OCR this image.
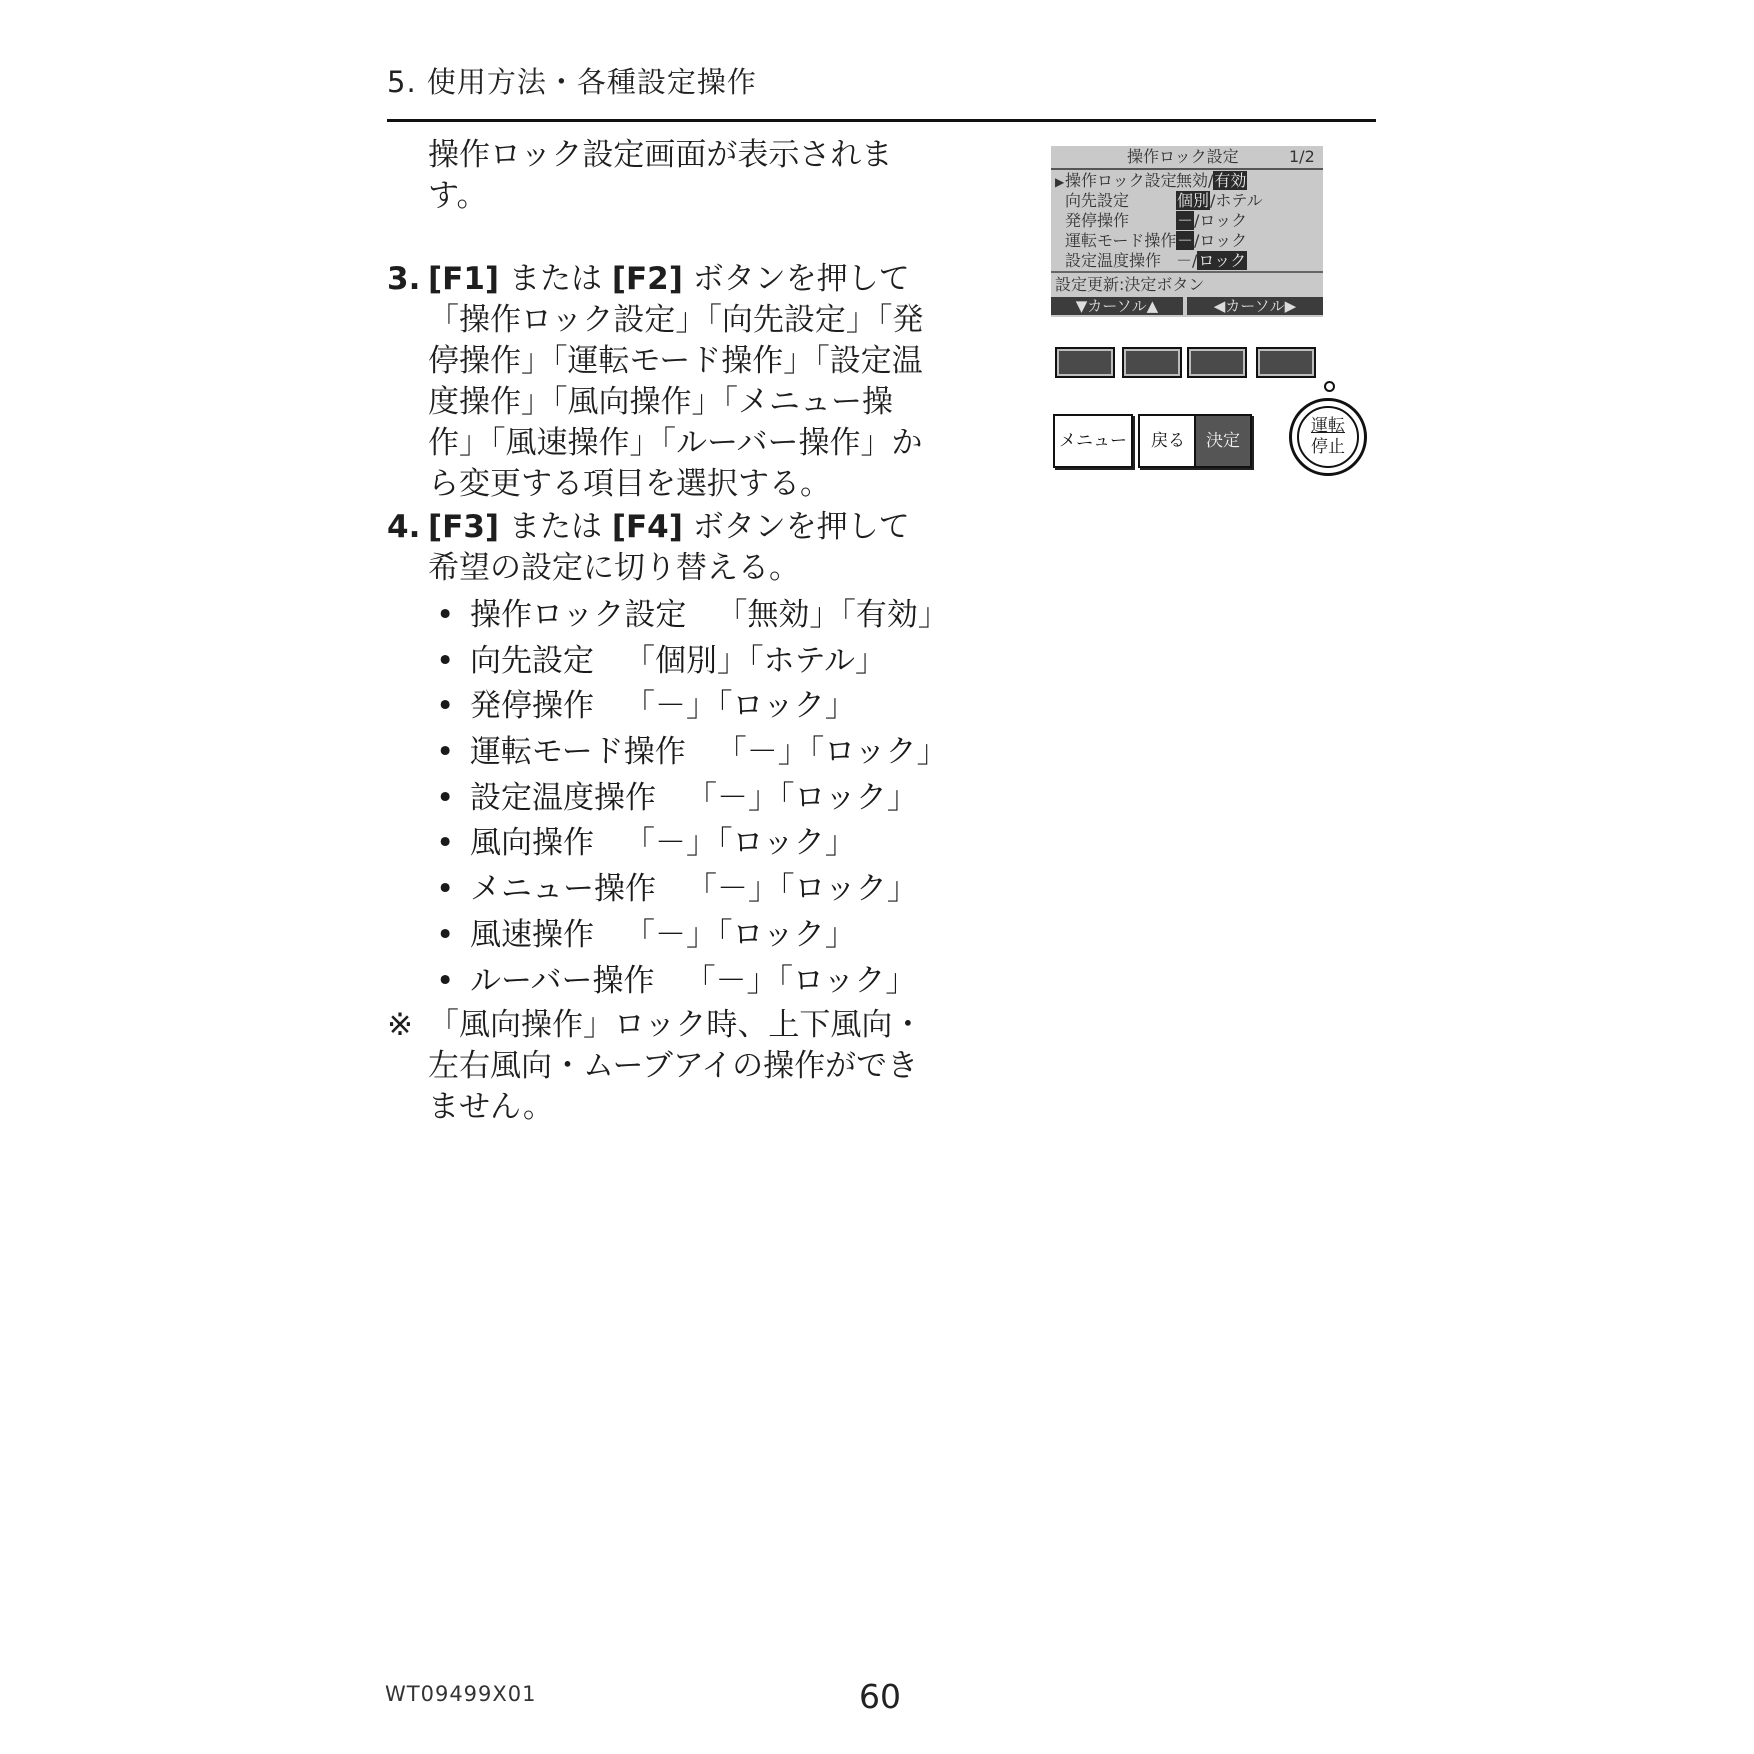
5. 使用方法・各種設定操作
操作ロック設定画面が表示されます。
3. [F1] または [F2] ボタンを押して「操作ロック設定」「向先設定」「発停操作」「運転モード操作」「設定温度操作」「風向操作」「メニュー操作」「風速操作」「ルーバー操作」から変更する項目を選択する。
4. [F3] または [F4] ボタンを押して希望の設定に切り替える。
• 操作ロック設定 「無効」「有効」
• 向先設定 「個別」「ホテル」
• 発停操作 「－」「ロック」
• 運転モード操作 「－」「ロック」
• 設定温度操作 「－」「ロック」
• 風向操作 「－」「ロック」
• メニュー操作 「－」「ロック」
• 風速操作 「－」「ロック」
• ルーバー操作 「－」「ロック」
※ 「風向操作」ロック時、上下風向・左右風向・ムーブアイの操作ができません。
操作ロック設定	1/2
▶操作ロック設定 無効/有効
向先設定	個別/ホテル
発停操作	－/ロック
運転モード操作 －/ロック
設定温度操作 －/ロック
設定更新:決定ボタン
▼カーソル▲	◀カーソル▶
メニュー	戻る	決定
運転
停止
WT09499X01	60
